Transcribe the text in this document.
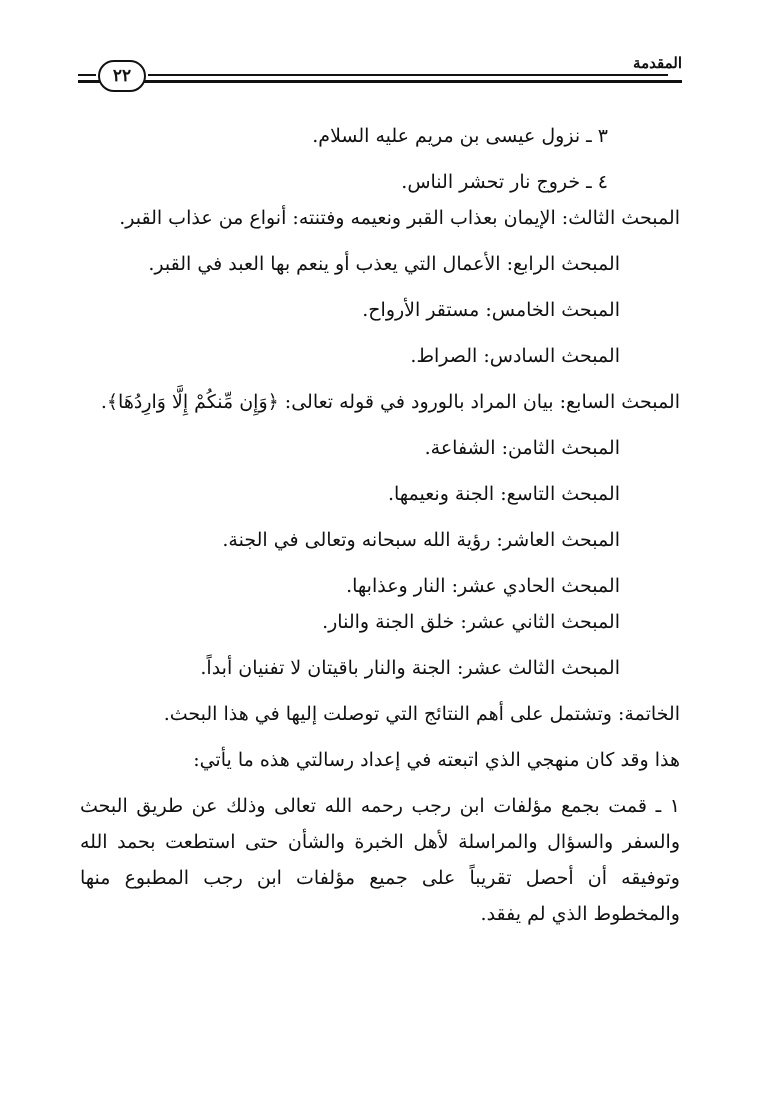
المقدمة
٢٢

٣ ـ نزول عيسى بن مريم عليه السلام.

٤ ـ خروج نار تحشر الناس.

المبحث الثالث: الإيمان بعذاب القبر ونعيمه وفتنته: أنواع من عذاب القبر.

المبحث الرابع: الأعمال التي يعذب أو ينعم بها العبد في القبر.

المبحث الخامس: مستقر الأرواح.

المبحث السادس: الصراط.

المبحث السابع: بيان المراد بالورود في قوله تعالى: ﴿وَإِن مِّنكُمْ إِلَّا وَارِدُهَا﴾.

المبحث الثامن: الشفاعة.

المبحث التاسع: الجنة ونعيمها.

المبحث العاشر: رؤية الله سبحانه وتعالى في الجنة.

المبحث الحادي عشر: النار وعذابها.

المبحث الثاني عشر: خلق الجنة والنار.

المبحث الثالث عشر: الجنة والنار باقيتان لا تفنيان أبداً.

الخاتمة: وتشتمل على أهم النتائج التي توصلت إليها في هذا البحث.

هذا وقد كان منهجي الذي اتبعته في إعداد رسالتي هذه ما يأتي:

١ ـ قمت بجمع مؤلفات ابن رجب رحمه الله تعالى وذلك عن طريق البحث والسفر والسؤال والمراسلة لأهل الخبرة والشأن حتى استطعت بحمد الله وتوفيقه أن أحصل تقريباً على جميع مؤلفات ابن رجب المطبوع منها والمخطوط الذي لم يفقد.
